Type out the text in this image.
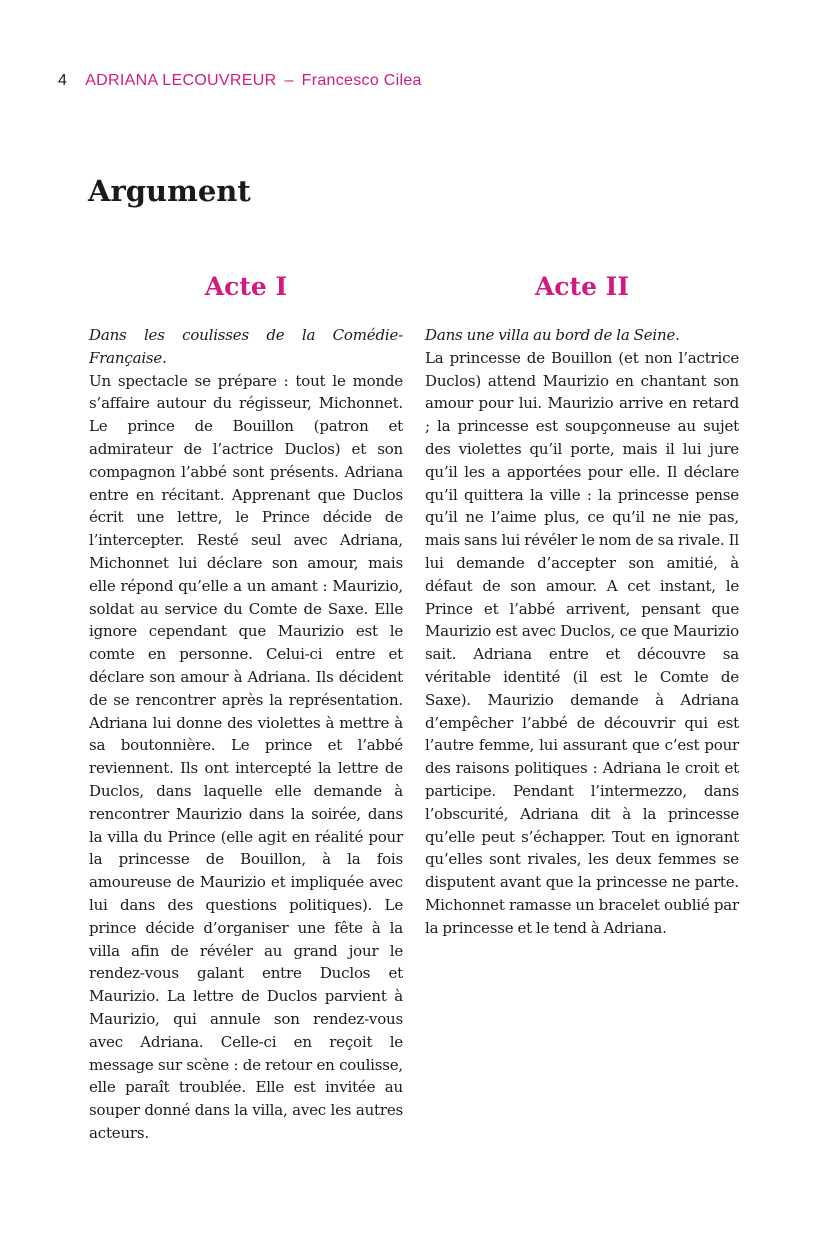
4 ADRIANA LECOUVREUR – Francesco Cilea
Argument
Acte I
Dans les coulisses de la Comédie-Française.
Un spectacle se prépare : tout le monde s’affaire autour du régisseur, Michonnet. Le prince de Bouillon (patron et admirateur de l’actrice Duclos) et son compagnon l’abbé sont présents. Adriana entre en récitant. Apprenant que Duclos écrit une lettre, le Prince décide de l’intercepter. Resté seul avec Adriana, Michonnet lui déclare son amour, mais elle répond qu’elle a un amant : Maurizio, soldat au service du Comte de Saxe. Elle ignore cependant que Maurizio est le comte en personne. Celui-ci entre et déclare son amour à Adriana. Ils décident de se rencontrer après la représentation. Adriana lui donne des violettes à mettre à sa boutonnière. Le prince et l’abbé reviennent. Ils ont intercepté la lettre de Duclos, dans laquelle elle demande à rencontrer Maurizio dans la soirée, dans la villa du Prince (elle agit en réalité pour la princesse de Bouillon, à la fois amoureuse de Maurizio et impliquée avec lui dans des questions politiques). Le prince décide d’organiser une fête à la villa afin de révéler au grand jour le rendez-vous galant entre Duclos et Maurizio. La lettre de Duclos parvient à Maurizio, qui annule son rendez-vous avec Adriana. Celle-ci en reçoit le message sur scène : de retour en coulisse, elle paraît troublée. Elle est invitée au souper donné dans la villa, avec les autres acteurs.
Acte II
Dans une villa au bord de la Seine.
La princesse de Bouillon (et non l’actrice Duclos) attend Maurizio en chantant son amour pour lui. Maurizio arrive en retard ; la princesse est soupçonneuse au sujet des violettes qu’il porte, mais il lui jure qu’il les a apportées pour elle. Il déclare qu’il quittera la ville : la princesse pense qu’il ne l’aime plus, ce qu’il ne nie pas, mais sans lui révéler le nom de sa rivale. Il lui demande d’accepter son amitié, à défaut de son amour. A cet instant, le Prince et l’abbé arrivent, pensant que Maurizio est avec Duclos, ce que Maurizio sait. Adriana entre et découvre sa véritable identité (il est le Comte de Saxe). Maurizio demande à Adriana d’empêcher l’abbé de découvrir qui est l’autre femme, lui assurant que c’est pour des raisons politiques : Adriana le croit et participe. Pendant l’intermezzo, dans l’obscurité, Adriana dit à la princesse qu’elle peut s’échapper. Tout en ignorant qu’elles sont rivales, les deux femmes se disputent avant que la princesse ne parte. Michonnet ramasse un bracelet oublié par la princesse et le tend à Adriana.
